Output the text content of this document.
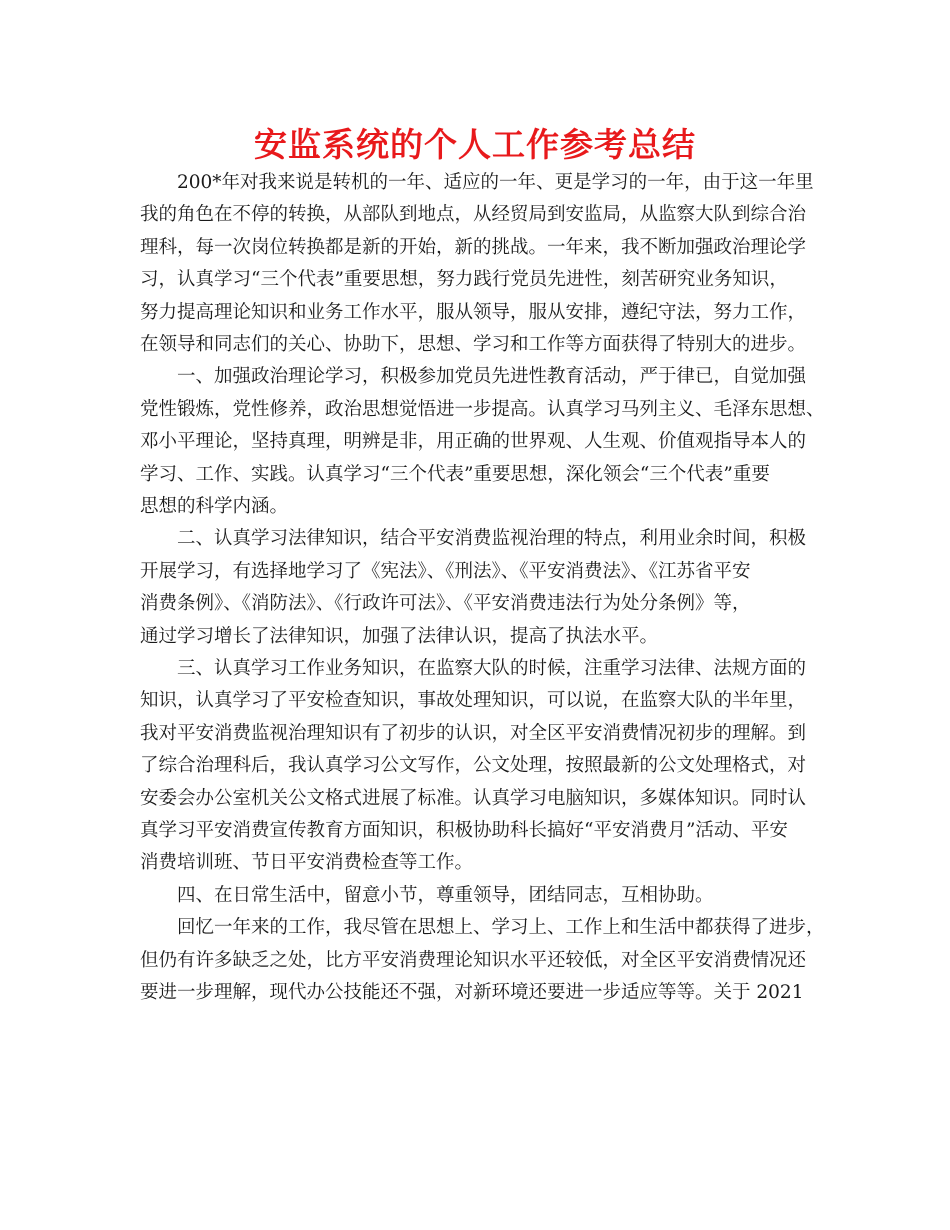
安监系统的个人工作参考总结
　　200*年对我来说是转机的一年、适应的一年、更是学习的一年，由于这一年里
我的角色在不停的转换，从部队到地点，从经贸局到安监局，从监察大队到综合治
理科，每一次岗位转换都是新的开始，新的挑战。一年来，我不断加强政治理论学
习，认真学习“三个代表”重要思想，努力践行党员先进性，刻苦研究业务知识，
努力提高理论知识和业务工作水平，服从领导，服从安排，遵纪守法，努力工作，
在领导和同志们的关心、协助下，思想、学习和工作等方面获得了特别大的进步。
　　一、加强政治理论学习，积极参加党员先进性教育活动，严于律已，自觉加强
党性锻炼，党性修养，政治思想觉悟进一步提高。认真学习马列主义、毛泽东思想、
邓小平理论，坚持真理，明辨是非，用正确的世界观、人生观、价值观指导本人的
学习、工作、实践。认真学习“三个代表”重要思想，深化领会“三个代表”重要
思想的科学内涵。
　　二、认真学习法律知识，结合平安消费监视治理的特点，利用业余时间，积极
开展学习，有选择地学习了《宪法》、《刑法》、《平安消费法》、《江苏省平安
消费条例》、《消防法》、《行政许可法》、《平安消费违法行为处分条例》等，
通过学习增长了法律知识，加强了法律认识，提高了执法水平。
　　三、认真学习工作业务知识，在监察大队的时候，注重学习法律、法规方面的
知识，认真学习了平安检查知识，事故处理知识，可以说，在监察大队的半年里，
我对平安消费监视治理知识有了初步的认识，对全区平安消费情况初步的理解。到
了综合治理科后，我认真学习公文写作，公文处理，按照最新的公文处理格式，对
安委会办公室机关公文格式进展了标准。认真学习电脑知识，多媒体知识。同时认
真学习平安消费宣传教育方面知识，积极协助科长搞好“平安消费月”活动、平安
消费培训班、节日平安消费检查等工作。
　　四、在日常生活中，留意小节，尊重领导，团结同志，互相协助。
　　回忆一年来的工作，我尽管在思想上、学习上、工作上和生活中都获得了进步，
但仍有许多缺乏之处，比方平安消费理论知识水平还较低，对全区平安消费情况还
要进一步理解，现代办公技能还不强，对新环境还要进一步适应等等。关于 2021
